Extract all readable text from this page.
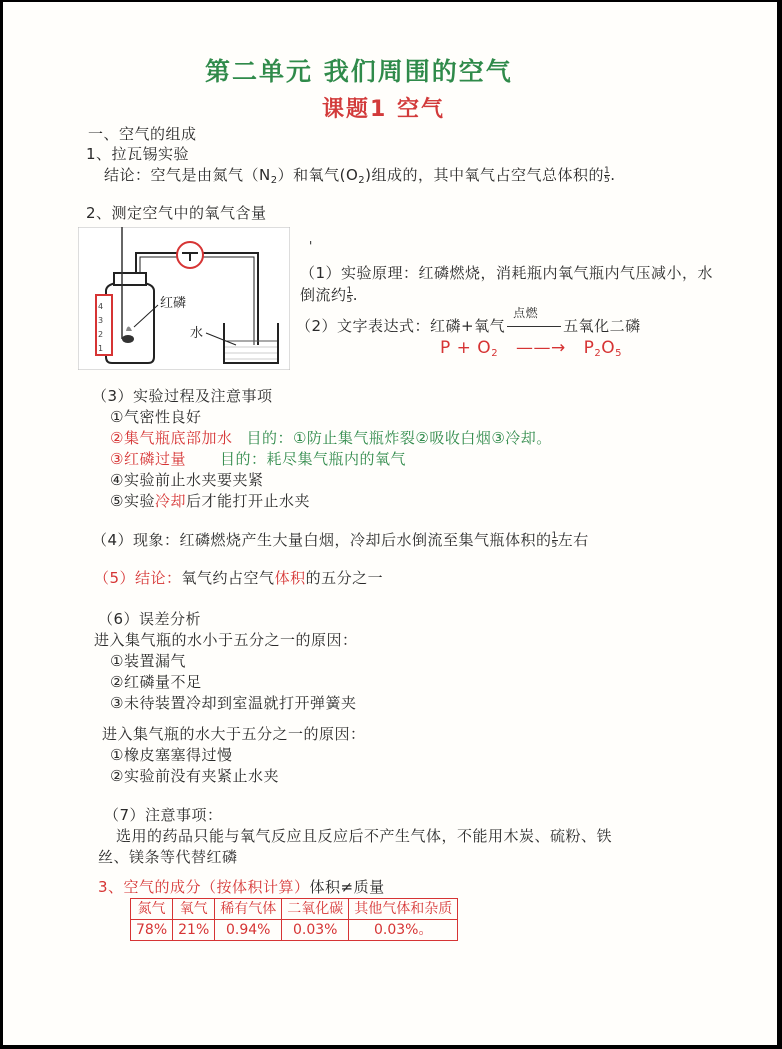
第二单元 我们周围的空气
课题1 空气
一、空气的组成
1、拉瓦锡实验
结论：空气是由氮气$(N_2)$和氧气$(O_2)$组成的，其中氧气占空气总体积的 $\frac{1}{5}$ .
2、测定空气中的氧气含量
4
3
2
1
红磷
水
'
（1）实验原理：红磷燃烧，消耗瓶内氧气瓶内气压减小，水
倒流约 $\frac{1}{5}$ .
（2）文字表达式：红磷+氧气
点燃
五氧化二磷
$P + O_2$ ——→ $P_2O_5$
（3）实验过程及注意事项
①气密性良好
②集气瓶底部加水 目的：①防止集气瓶炸裂②吸收白烟③冷却。
③红磷过量 目的：耗尽集气瓶内的氧气
④实验前止水夹要夹紧
⑤实验冷却后才能打开止水夹
（4）现象：红磷燃烧产生大量白烟，冷却后水倒流至集气瓶体积的 $\frac{1}{5}$ 左右
（5）结论：氧气约占空气体积的五分之一
（6）误差分析
进入集气瓶的水小于五分之一的原因：
①装置漏气
②红磷量不足
③未待装置冷却到室温就打开弹簧夹
进入集气瓶的水大于五分之一的原因：
①橡皮塞塞得过慢
②实验前没有夹紧止水夹
（7）注意事项：
选用的药品只能与氧气反应且反应后不产生气体，不能用木炭、硫粉、铁
丝、镁条等代替红磷
3、空气的成分（按体积计算）体积≠质量
氮气	氧气	稀有气体	二氧化碳	其他气体和杂质
78%	21%	0.94%	0.03%	0.03%。
